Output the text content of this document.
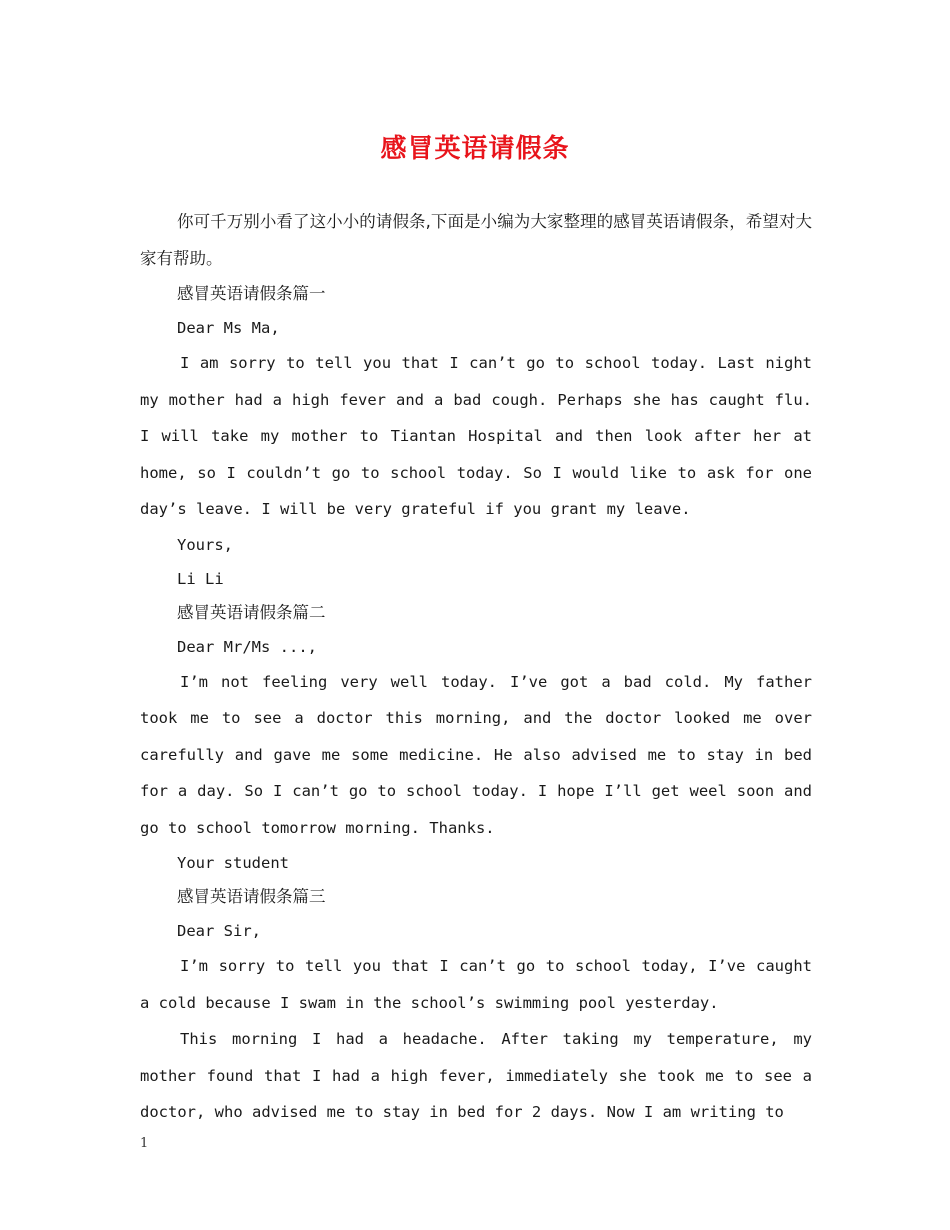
感冒英语请假条

你可千万别小看了这小小的请假条,下面是小编为大家整理的感冒英语请假条，希望对大家有帮助。

感冒英语请假条篇一

Dear Ms Ma,

I am sorry to tell you that I can’t go to school today. Last night my mother had a high fever and a bad cough. Perhaps she has caught flu. I will take my mother to Tiantan Hospital and then look after her at home, so I couldn’t go to school today. So I would like to ask for one day’s leave. I will be very grateful if you grant my leave.

Yours,

Li Li

感冒英语请假条篇二

Dear Mr/Ms ...,

I’m not feeling very well today. I’ve got a bad cold. My father took me to see a doctor this morning, and the doctor looked me over carefully and gave me some medicine. He also advised me to stay in bed for a day. So I can’t go to school today. I hope I’ll get weel soon and go to school tomorrow morning. Thanks.

Your student

感冒英语请假条篇三

Dear Sir,

I’m sorry to tell you that I can’t go to school today, I’ve caught a cold because I swam in the school’s swimming pool yesterday.

This morning I had a headache. After taking my temperature, my mother found that I had a high fever, immediately she took me to see a doctor, who advised me to stay in bed for 2 days. Now I am writing to

1
